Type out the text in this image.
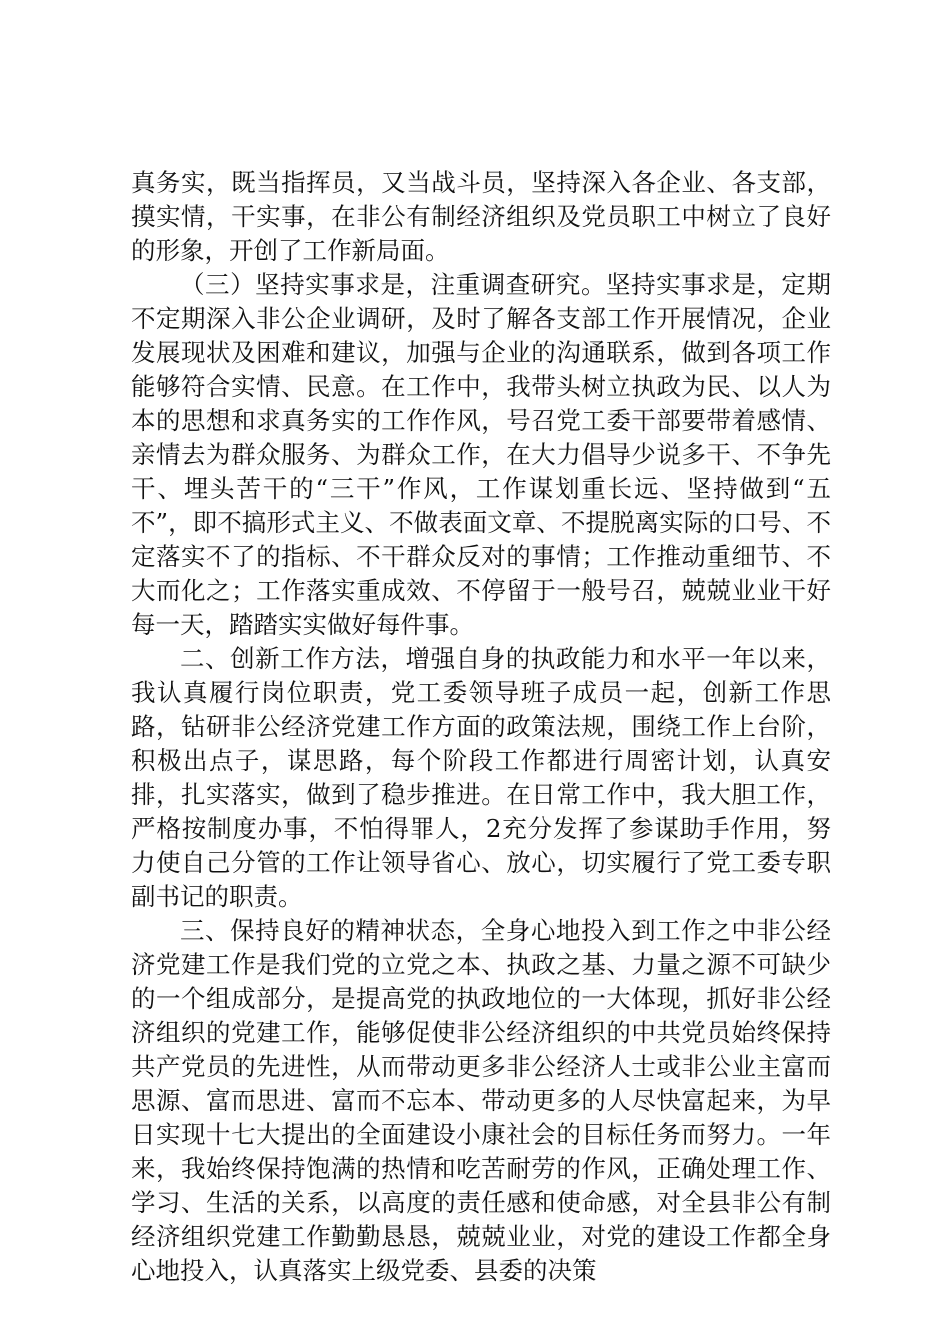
真务实，既当指挥员，又当战斗员，坚持深入各企业、各支部，摸实情，干实事，在非公有制经济组织及党员职工中树立了良好的形象，开创了工作新局面。

（三）坚持实事求是，注重调查研究。坚持实事求是，定期不定期深入非公企业调研，及时了解各支部工作开展情况，企业发展现状及困难和建议，加强与企业的沟通联系，做到各项工作能够符合实情、民意。在工作中，我带头树立执政为民、以人为本的思想和求真务实的工作作风，号召党工委干部要带着感情、亲情去为群众服务、为群众工作，在大力倡导少说多干、不争先干、埋头苦干的“三干”作风，工作谋划重长远、坚持做到“五不”，即不搞形式主义、不做表面文章、不提脱离实际的口号、不定落实不了的指标、不干群众反对的事情；工作推动重细节、不大而化之；工作落实重成效、不停留于一般号召，兢兢业业干好每一天，踏踏实实做好每件事。

二、创新工作方法，增强自身的执政能力和水平一年以来，我认真履行岗位职责，党工委领导班子成员一起，创新工作思路，钻研非公经济党建工作方面的政策法规，围绕工作上台阶，积极出点子，谋思路，每个阶段工作都进行周密计划，认真安排，扎实落实，做到了稳步推进。在日常工作中，我大胆工作，严格按制度办事，不怕得罪人，2充分发挥了参谋助手作用，努力使自己分管的工作让领导省心、放心，切实履行了党工委专职副书记的职责。

三、保持良好的精神状态，全身心地投入到工作之中非公经济党建工作是我们党的立党之本、执政之基、力量之源不可缺少的一个组成部分，是提高党的执政地位的一大体现，抓好非公经济组织的党建工作，能够促使非公经济组织的中共党员始终保持共产党员的先进性，从而带动更多非公经济人士或非公业主富而思源、富而思进、富而不忘本、带动更多的人尽快富起来，为早日实现十七大提出的全面建设小康社会的目标任务而努力。一年来，我始终保持饱满的热情和吃苦耐劳的作风，正确处理工作、学习、生活的关系，以高度的责任感和使命感，对全县非公有制经济组织党建工作勤勤恳恳，兢兢业业，对党的建设工作都全身心地投入，认真落实上级党委、县委的决策
